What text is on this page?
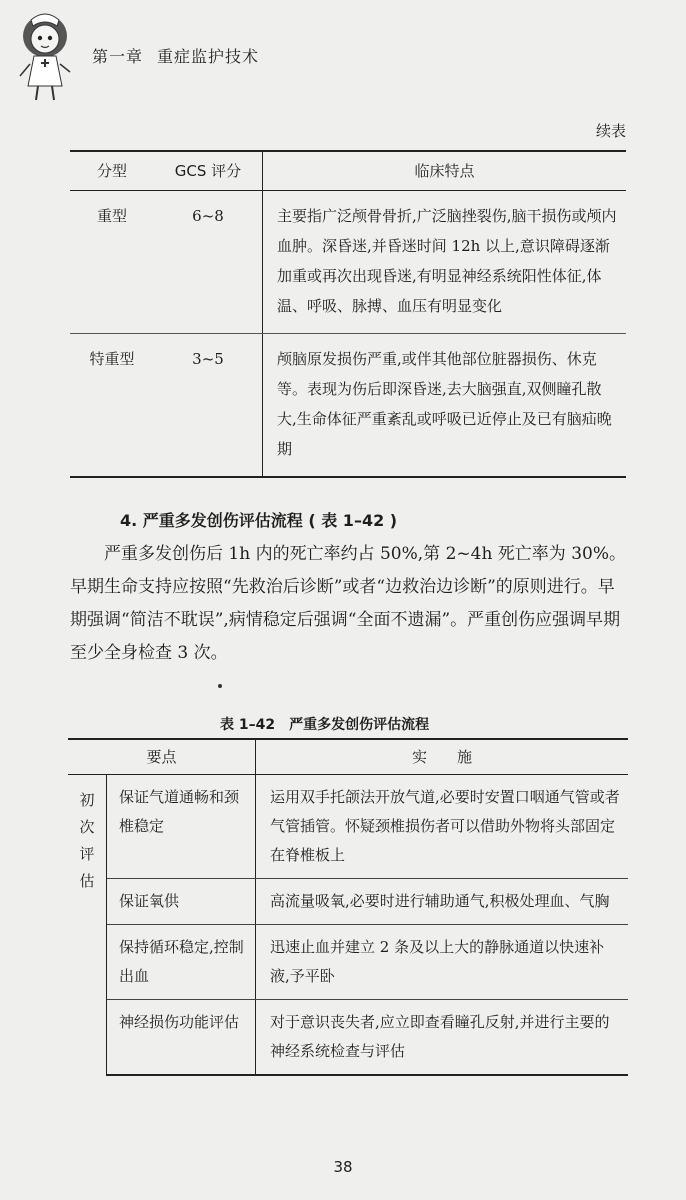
第一章 重症监护技术
续表
分型	GCS 评分	临床特点
重型	6~8	主要指广泛颅骨骨折,广泛脑挫裂伤,脑干损伤或颅内血肿。深昏迷,并昏迷时间 12h 以上,意识障碍逐渐加重或再次出现昏迷,有明显神经系统阳性体征,体温、呼吸、脉搏、血压有明显变化
特重型	3~5	颅脑原发损伤严重,或伴其他部位脏器损伤、休克等。表现为伤后即深昏迷,去大脑强直,双侧瞳孔散大,生命体征严重紊乱或呼吸已近停止及已有脑疝晚期
4. 严重多发创伤评估流程 ( 表 1–42 )

严重多发创伤后 1h 内的死亡率约占 50%,第 2~4h 死亡率为 30%。早期生命支持应按照“先救治后诊断”或者“边救治边诊断”的原则进行。早期强调“简洁不耽误”,病情稳定后强调“全面不遗漏”。严重创伤应强调早期至少全身检查 3 次。

表 1–42　严重多发创伤评估流程
要点		实　　施
初次评估	保证气道通畅和颈椎稳定	运用双手托颌法开放气道,必要时安置口咽通气管或者气管插管。怀疑颈椎损伤者可以借助外物将头部固定在脊椎板上
	保证氧供	高流量吸氧,必要时进行辅助通气,积极处理血、气胸
	保持循环稳定,控制出血	迅速止血并建立 2 条及以上大的静脉通道以快速补液,予平卧
	神经损伤功能评估	对于意识丧失者,应立即查看瞳孔反射,并进行主要的神经系统检查与评估
38
